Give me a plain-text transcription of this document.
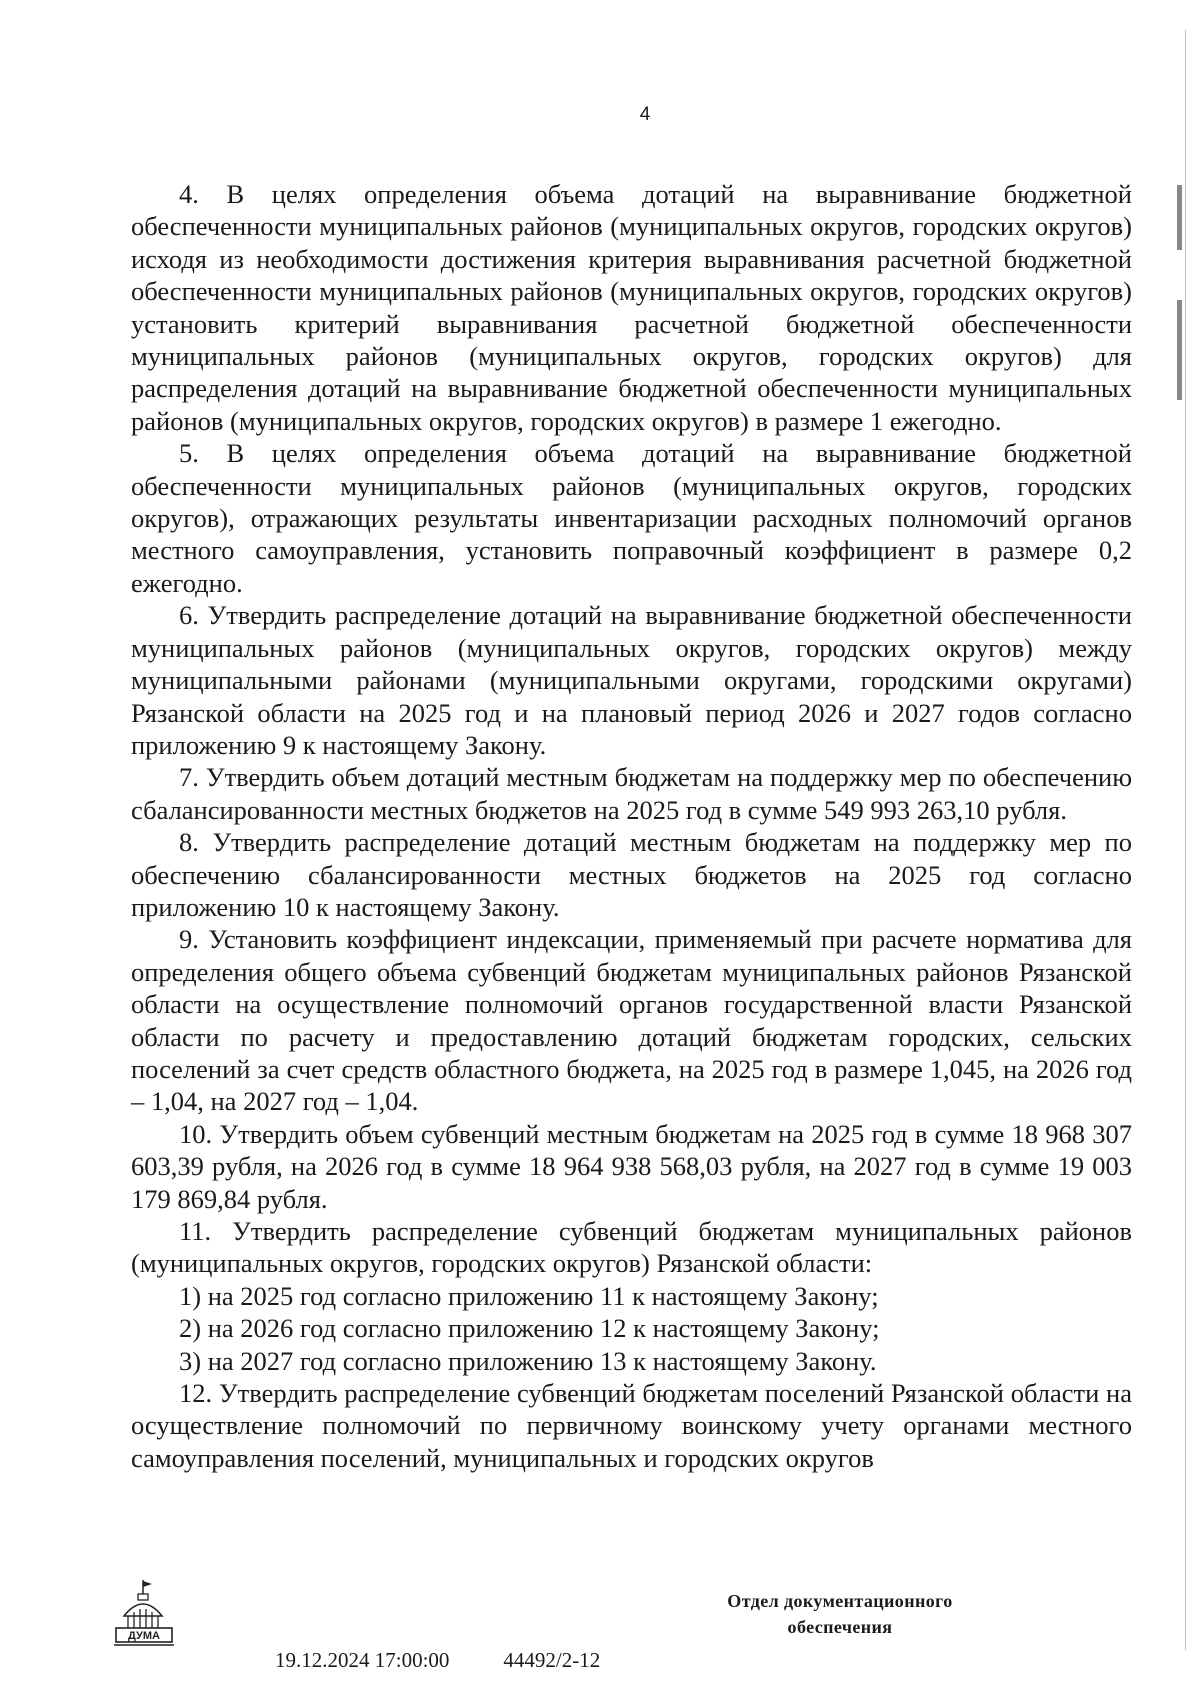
4

4. В целях определения объема дотаций на выравнивание бюджетной обеспеченности муниципальных районов (муниципальных округов, городских округов) исходя из необходимости достижения критерия выравнивания расчетной бюджетной обеспеченности муниципальных районов (муниципальных округов, городских округов) установить критерий выравнивания расчетной бюджетной обеспеченности муниципальных районов (муниципальных округов, городских округов) для распределения дотаций на выравнивание бюджетной обеспеченности муниципальных районов (муниципальных округов, городских округов) в размере 1 ежегодно.

5. В целях определения объема дотаций на выравнивание бюджетной обеспеченности муниципальных районов (муниципальных округов, городских округов), отражающих результаты инвентаризации расходных полномочий органов местного самоуправления, установить поправочный коэффициент в размере 0,2 ежегодно.

6. Утвердить распределение дотаций на выравнивание бюджетной обеспеченности муниципальных районов (муниципальных округов, городских округов) между муниципальными районами (муниципальными округами, городскими округами) Рязанской области на 2025 год и на плановый период 2026 и 2027 годов согласно приложению 9 к настоящему Закону.

7. Утвердить объем дотаций местным бюджетам на поддержку мер по обеспечению сбалансированности местных бюджетов на 2025 год в сумме 549 993 263,10 рубля.

8. Утвердить распределение дотаций местным бюджетам на поддержку мер по обеспечению сбалансированности местных бюджетов на 2025 год согласно приложению 10 к настоящему Закону.

9. Установить коэффициент индексации, применяемый при расчете норматива для определения общего объема субвенций бюджетам муниципальных районов Рязанской области на осуществление полномочий органов государственной власти Рязанской области по расчету и предоставлению дотаций бюджетам городских, сельских поселений за счет средств областного бюджета, на 2025 год в размере 1,045, на 2026 год – 1,04, на 2027 год – 1,04.

10. Утвердить объем субвенций местным бюджетам на 2025 год в сумме 18 968 307 603,39 рубля, на 2026 год в сумме 18 964 938 568,03 рубля, на 2027 год в сумме 19 003 179 869,84 рубля.

11. Утвердить распределение субвенций бюджетам муниципальных районов (муниципальных округов, городских округов) Рязанской области:

1) на 2025 год согласно приложению 11 к настоящему Закону;

2) на 2026 год согласно приложению 12 к настоящему Закону;

3) на 2027 год согласно приложению 13 к настоящему Закону.

12. Утвердить распределение субвенций бюджетам поселений Рязанской области на осуществление полномочий по первичному воинскому учету органами местного самоуправления поселений, муниципальных и городских округов

ДУМА
19.12.2024 17:00:00	44492/2-12
Отдел документационного
обеспечения
